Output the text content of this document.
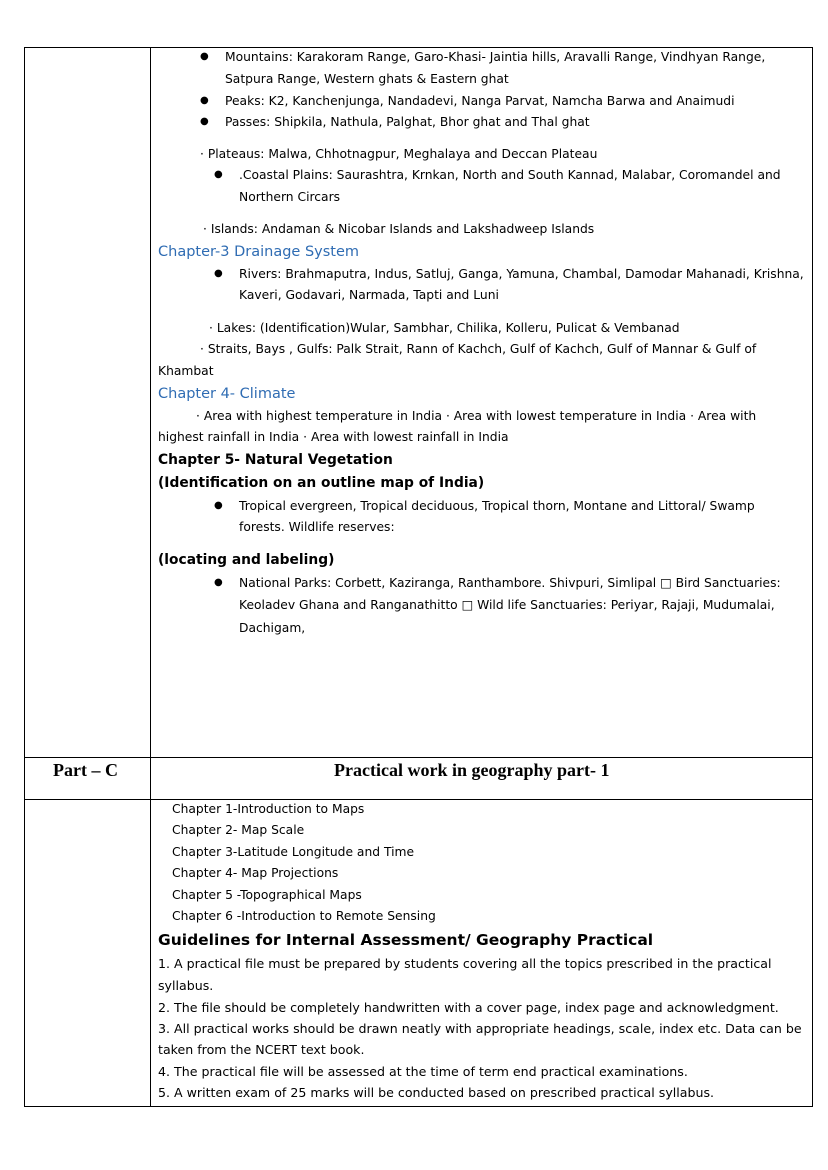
● Mountains: Karakoram Range, Garo-Khasi- Jaintia hills, Aravalli Range, Vindhyan Range,
Satpura Range, Western ghats & Eastern ghat
● Peaks: K2, Kanchenjunga, Nandadevi, Nanga Parvat, Namcha Barwa and Anaimudi
● Passes: Shipkila, Nathula, Palghat, Bhor ghat and Thal ghat
· Plateaus: Malwa, Chhotnagpur, Meghalaya and Deccan Plateau
● .Coastal Plains: Saurashtra, Krnkan, North and South Kannad, Malabar, Coromandel and
Northern Circars
· Islands: Andaman & Nicobar Islands and Lakshadweep Islands
Chapter-3 Drainage System
● Rivers: Brahmaputra, Indus, Satluj, Ganga, Yamuna, Chambal, Damodar Mahanadi, Krishna,
Kaveri, Godavari, Narmada, Tapti and Luni
· Lakes: (Identification)Wular, Sambhar, Chilika, Kolleru, Pulicat & Vembanad
· Straits, Bays , Gulfs: Palk Strait, Rann of Kachch, Gulf of Kachch, Gulf of Mannar & Gulf of
Khambat
Chapter 4- Climate
· Area with highest temperature in India · Area with lowest temperature in India · Area with
highest rainfall in India · Area with lowest rainfall in India
Chapter 5- Natural Vegetation
(Identification on an outline map of India)
● Tropical evergreen, Tropical deciduous, Tropical thorn, Montane and Littoral/ Swamp
forests. Wildlife reserves:
(locating and labeling)
● National Parks: Corbett, Kaziranga, Ranthambore. Shivpuri, Simlipal □ Bird Sanctuaries:
Keoladev Ghana and Ranganathitto □ Wild life Sanctuaries: Periyar, Rajaji, Mudumalai,
Dachigam,
Part – C	Practical work in geography part- 1
Chapter 1-Introduction to Maps
Chapter 2- Map Scale
Chapter 3-Latitude Longitude and Time
Chapter 4- Map Projections
Chapter 5 -Topographical Maps
Chapter 6 -Introduction to Remote Sensing
Guidelines for Internal Assessment/ Geography Practical
1. A practical file must be prepared by students covering all the topics prescribed in the practical
syllabus.
2. The file should be completely handwritten with a cover page, index page and acknowledgment.
3. All practical works should be drawn neatly with appropriate headings, scale, index etc. Data can be
taken from the NCERT text book.
4. The practical file will be assessed at the time of term end practical examinations.
5. A written exam of 25 marks will be conducted based on prescribed practical syllabus.
